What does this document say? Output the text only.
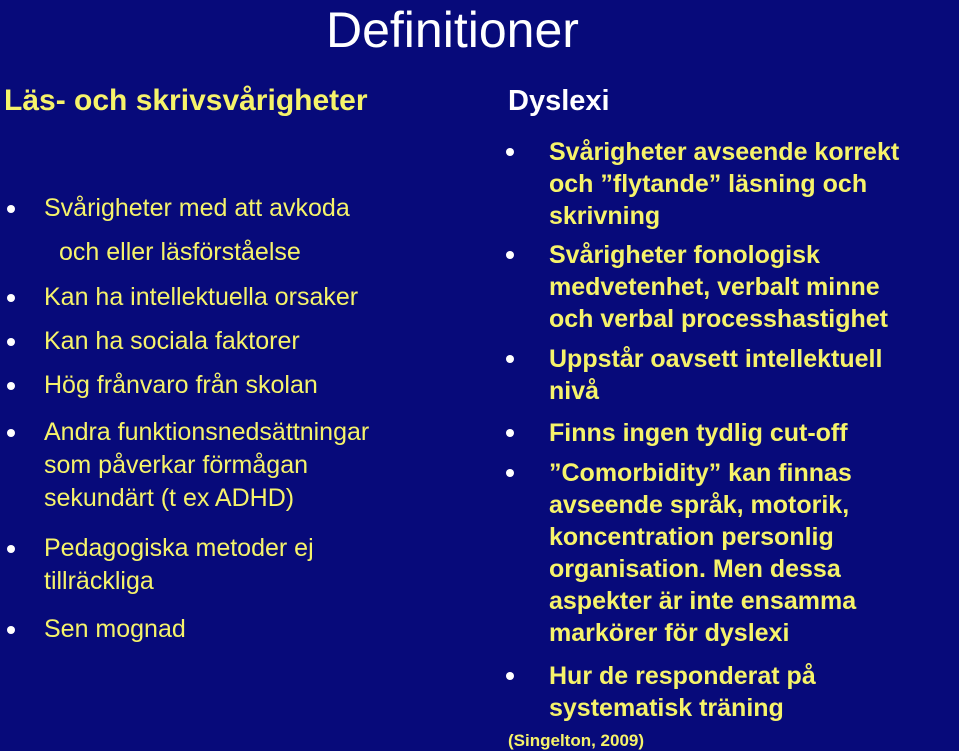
Definitioner
Läs- och skrivsvårigheter
Svårigheter med att avkoda
och eller läsförståelse
Kan ha intellektuella orsaker
Kan ha sociala faktorer
Hög frånvaro från skolan
Andra funktionsnedsättningar
som påverkar förmågan
sekundärt (t ex ADHD)
Pedagogiska metoder ej
tillräckliga
Sen mognad
Dyslexi
Svårigheter avseende korrekt
och ”flytande” läsning och
skrivning
Svårigheter fonologisk
medvetenhet, verbalt minne
och verbal processhastighet
Uppstår oavsett intellektuell
nivå
Finns ingen tydlig cut-off
”Comorbidity” kan finnas
avseende språk, motorik,
koncentration personlig
organisation. Men dessa
aspekter är inte ensamma
markörer för dyslexi
Hur de responderat på
systematisk träning
(Singelton, 2009)
